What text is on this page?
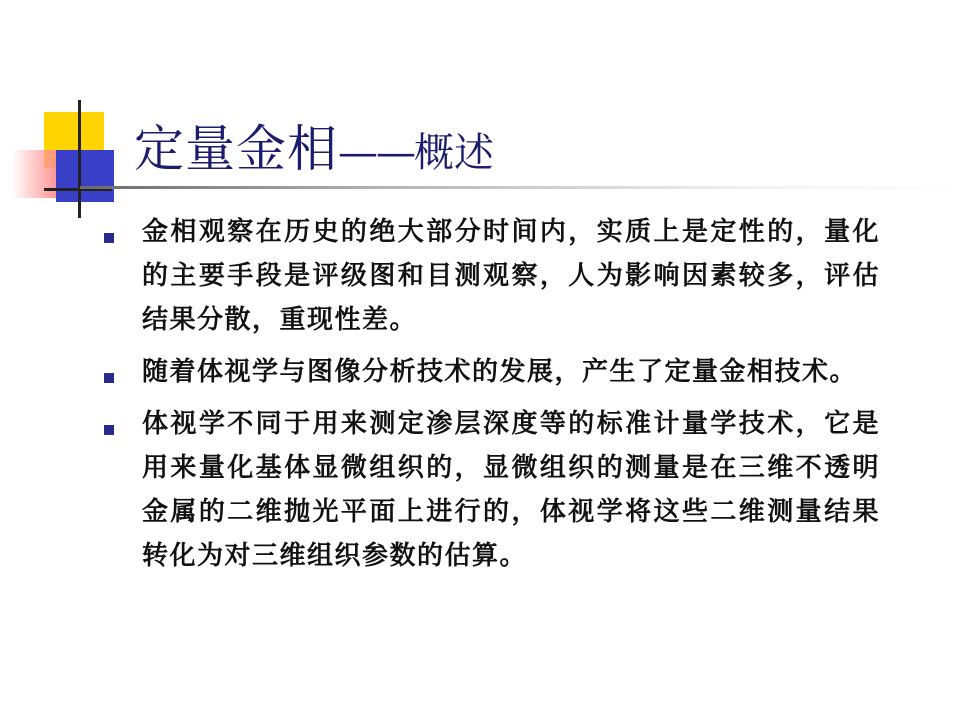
定量金相——概述
金相观察在历史的绝大部分时间内，实质上是定性的，量化的主要手段是评级图和目测观察，人为影响因素较多，评估结果分散，重现性差。
随着体视学与图像分析技术的发展，产生了定量金相技术。
体视学不同于用来测定渗层深度等的标准计量学技术，它是用来量化基体显微组织的，显微组织的测量是在三维不透明金属的二维抛光平面上进行的，体视学将这些二维测量结果转化为对三维组织参数的估算。
